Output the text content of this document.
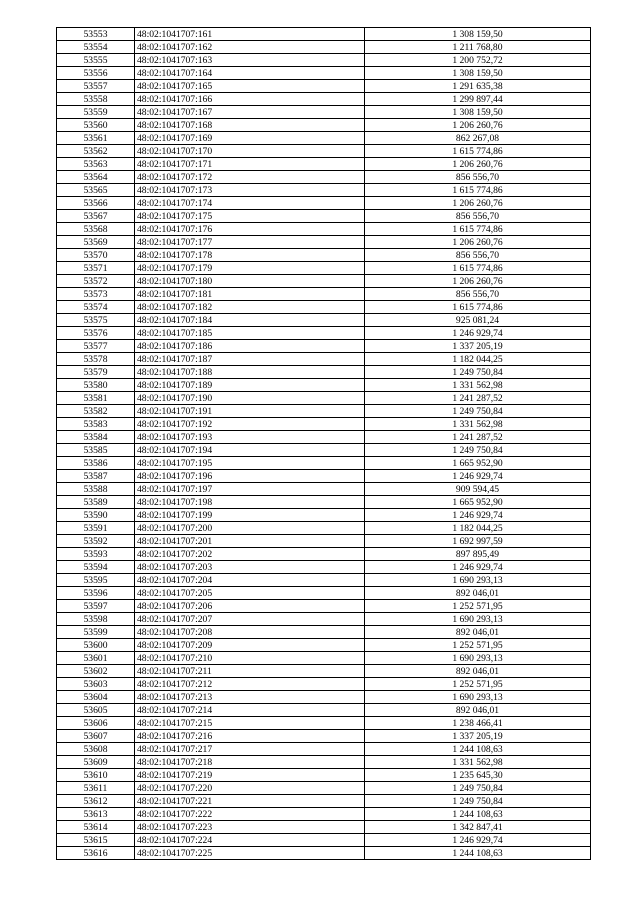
53553	48:02:1041707:161	1 308 159,50
53554	48:02:1041707:162	1 211 768,80
53555	48:02:1041707:163	1 200 752,72
53556	48:02:1041707:164	1 308 159,50
53557	48:02:1041707:165	1 291 635,38
53558	48:02:1041707:166	1 299 897,44
53559	48:02:1041707:167	1 308 159,50
53560	48:02:1041707:168	1 206 260,76
53561	48:02:1041707:169	862 267,08
53562	48:02:1041707:170	1 615 774,86
53563	48:02:1041707:171	1 206 260,76
53564	48:02:1041707:172	856 556,70
53565	48:02:1041707:173	1 615 774,86
53566	48:02:1041707:174	1 206 260,76
53567	48:02:1041707:175	856 556,70
53568	48:02:1041707:176	1 615 774,86
53569	48:02:1041707:177	1 206 260,76
53570	48:02:1041707:178	856 556,70
53571	48:02:1041707:179	1 615 774,86
53572	48:02:1041707:180	1 206 260,76
53573	48:02:1041707:181	856 556,70
53574	48:02:1041707:182	1 615 774,86
53575	48:02:1041707:184	925 081,24
53576	48:02:1041707:185	1 246 929,74
53577	48:02:1041707:186	1 337 205,19
53578	48:02:1041707:187	1 182 044,25
53579	48:02:1041707:188	1 249 750,84
53580	48:02:1041707:189	1 331 562,98
53581	48:02:1041707:190	1 241 287,52
53582	48:02:1041707:191	1 249 750,84
53583	48:02:1041707:192	1 331 562,98
53584	48:02:1041707:193	1 241 287,52
53585	48:02:1041707:194	1 249 750,84
53586	48:02:1041707:195	1 665 952,90
53587	48:02:1041707:196	1 246 929,74
53588	48:02:1041707:197	909 594,45
53589	48:02:1041707:198	1 665 952,90
53590	48:02:1041707:199	1 246 929,74
53591	48:02:1041707:200	1 182 044,25
53592	48:02:1041707:201	1 692 997,59
53593	48:02:1041707:202	897 895,49
53594	48:02:1041707:203	1 246 929,74
53595	48:02:1041707:204	1 690 293,13
53596	48:02:1041707:205	892 046,01
53597	48:02:1041707:206	1 252 571,95
53598	48:02:1041707:207	1 690 293,13
53599	48:02:1041707:208	892 046,01
53600	48:02:1041707:209	1 252 571,95
53601	48:02:1041707:210	1 690 293,13
53602	48:02:1041707:211	892 046,01
53603	48:02:1041707:212	1 252 571,95
53604	48:02:1041707:213	1 690 293,13
53605	48:02:1041707:214	892 046,01
53606	48:02:1041707:215	1 238 466,41
53607	48:02:1041707:216	1 337 205,19
53608	48:02:1041707:217	1 244 108,63
53609	48:02:1041707:218	1 331 562,98
53610	48:02:1041707:219	1 235 645,30
53611	48:02:1041707:220	1 249 750,84
53612	48:02:1041707:221	1 249 750,84
53613	48:02:1041707:222	1 244 108,63
53614	48:02:1041707:223	1 342 847,41
53615	48:02:1041707:224	1 246 929,74
53616	48:02:1041707:225	1 244 108,63
